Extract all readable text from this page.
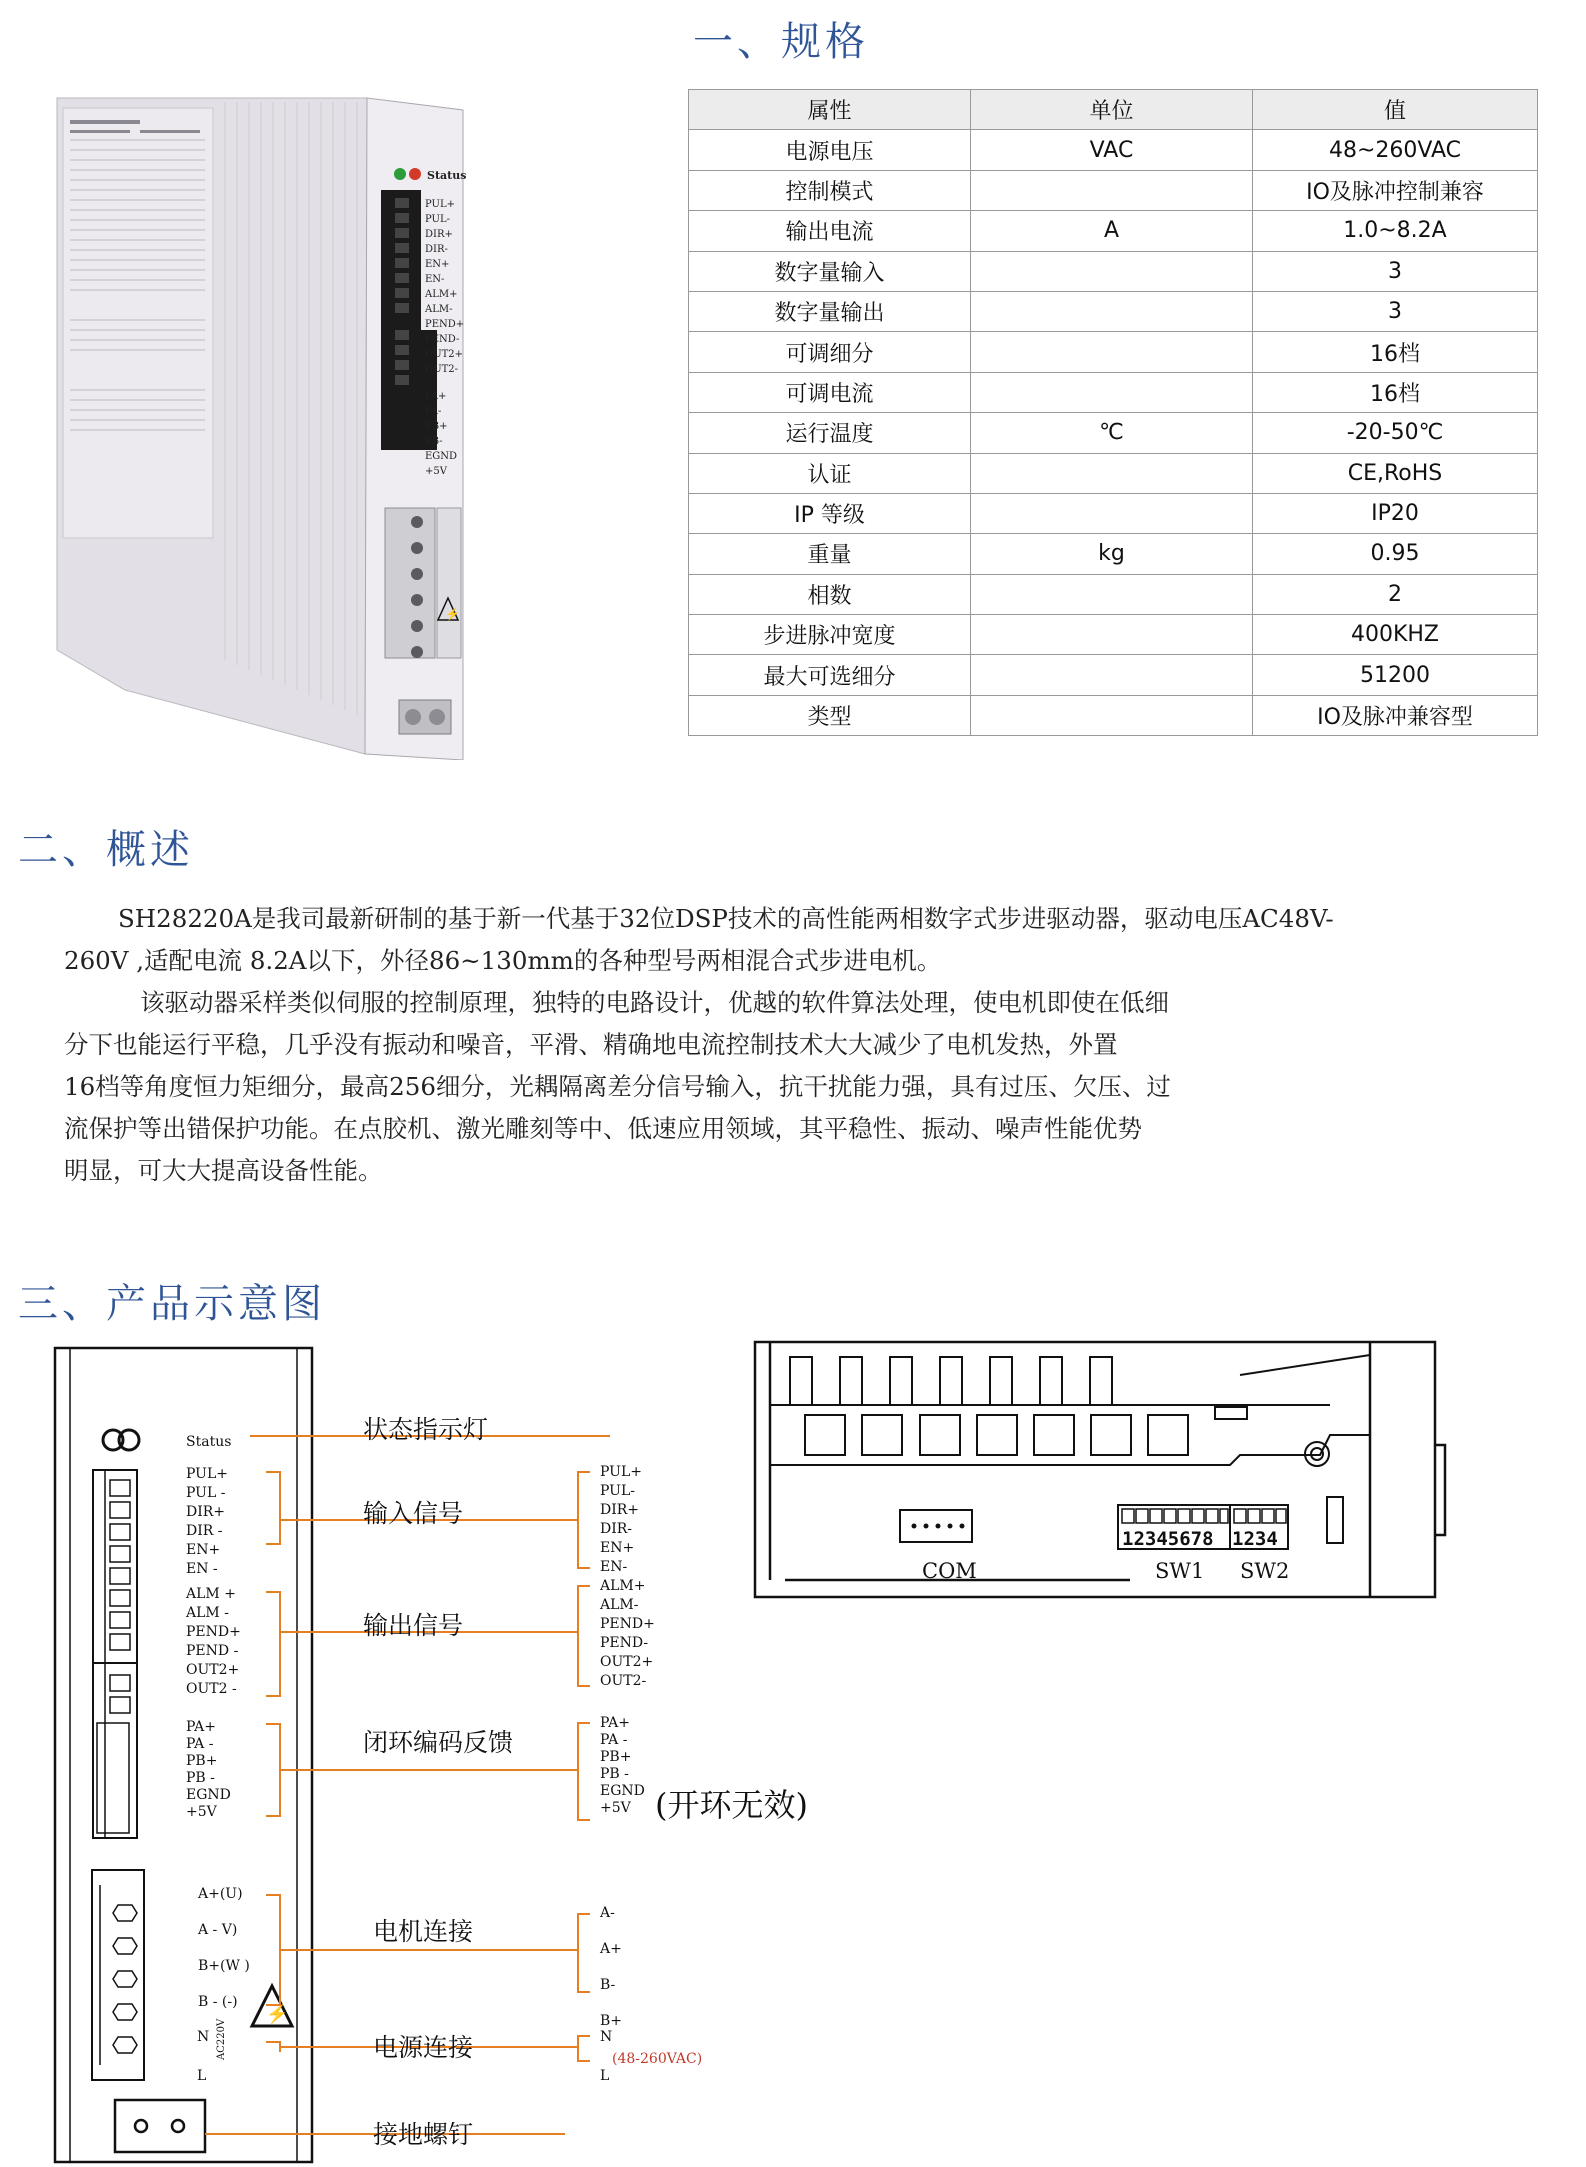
一、规格
Status
PUL+
PUL-
DIR+
DIR-
EN+
EN-
ALM+
ALM-
PEND+
PEND-
OUT2+
OUT2-
PA+
PA-
PB+
PB-
EGND
+5V
⚡
属性	单位	值
电源电压	VAC	48~260VAC
控制模式		IO及脉冲控制兼容
输出电流	A	1.0~8.2A
数字量输入		3
数字量输出		3
可调细分		16档
可调电流		16档
运行温度	℃	-20-50℃
认证		CE,RoHS
IP 等级		IP20
重量	kg	0.95
相数		2
步进脉冲宽度		400KHZ
最大可选细分		51200
类型		IO及脉冲兼容型
二、概述
SH28220A是我司最新研制的基于新一代基于32位DSP技术的高性能两相数字式步进驱动器，驱动电压AC48V-
260V ,适配电流 8.2A以下，外径86~130mm的各种型号两相混合式步进电机。
该驱动器采样类似伺服的控制原理，独特的电路设计，优越的软件算法处理，使电机即使在低细
分下也能运行平稳，几乎没有振动和噪音，平滑、精确地电流控制技术大大减少了电机发热，外置
16档等角度恒力矩细分，最高256细分，光耦隔离差分信号输入，抗干扰能力强，具有过压、欠压、过
流保护等出错保护功能。在点胶机、激光雕刻等中、低速应用领域，其平稳性、振动、噪声性能优势
明显，可大大提高设备性能。
三、产品示意图
⚡
Status
PUL+
PUL -
DIR+
DIR -
EN+
EN -
ALM +
ALM -
PEND+
PEND -
OUT2+
OUT2 -
PA+
PA -
PB+
PB -
EGND
+5V
A+(U)
A - V)
B+(W )
B - (-)
N
L
AC220V
状态指示灯
输入信号
输出信号
闭环编码反馈
(开环无效)
电机连接
电源连接
接地螺钉
PUL+
PUL-
DIR+
DIR-
EN+
EN-
ALM+
ALM-
PEND+
PEND-
OUT2+
OUT2-
PA+
PA -
PB+
PB -
EGND
+5V
A-
A+
B-
B+
N
L
(48-260VAC)
12345678 1234
COM	SW1 SW2
